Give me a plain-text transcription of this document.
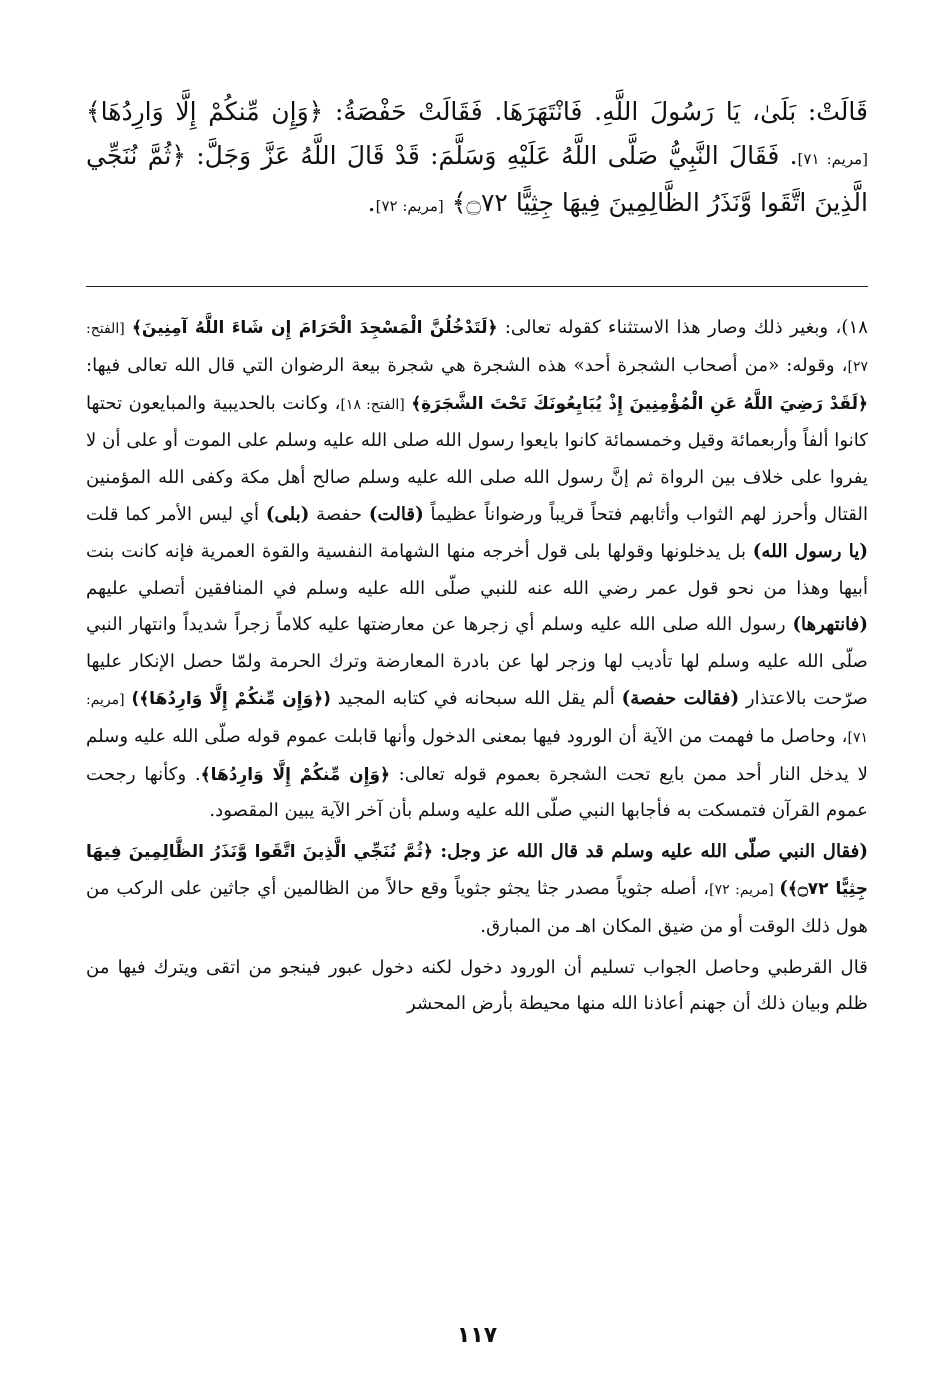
قَالَتْ: بَلَىٰ، يَا رَسُولَ اللَّهِ. فَانْتَهَرَهَا. فَقَالَتْ حَفْصَةُ: ﴿وَإِن مِّنكُمْ إِلَّا وَارِدُهَا﴾ [مريم: ٧١]. فَقَالَ النَّبِيُّ صَلَّى اللَّهُ عَلَيْهِ وَسَلَّمَ: قَدْ قَالَ اللَّهُ عَزَّ وَجَلَّ: ﴿ثُمَّ نُنَجِّي الَّذِينَ اتَّقَوا وَّنَذَرُ الظَّالِمِينَ فِيهَا جِثِيًّا ۝٧٢﴾ [مريم: ٧٢].

١٨)، وبغير ذلك وصار هذا الاستثناء كقوله تعالى: ﴿لَتَدْخُلُنَّ الْمَسْجِدَ الْحَرَامَ إِن شَاءَ اللَّهُ آمِنِينَ﴾ [الفتح: ٢٧]، وقوله: «من أصحاب الشجرة أحد» هذه الشجرة هي شجرة بيعة الرضوان التي قال الله تعالى فيها: ﴿لَقَدْ رَضِيَ اللَّهُ عَنِ الْمُؤْمِنِينَ إِذْ يُبَايِعُونَكَ تَحْتَ الشَّجَرَةِ﴾ [الفتح: ١٨]، وكانت بالحديبية والمبايعون تحتها كانوا ألفاً وأربعمائة وقيل وخمسمائة كانوا بايعوا رسول الله صلى الله عليه وسلم على الموت أو على أن لا يفروا على خلاف بين الرواة ثم إنَّ رسول الله صلى الله عليه وسلم صالح أهل مكة وكفى الله المؤمنين القتال وأحرز لهم الثواب وأثابهم فتحاً قريباً ورضواناً عظيماً (قالت) حفصة (بلى) أي ليس الأمر كما قلت (يا رسول الله) بل يدخلونها وقولها بلى قول أخرجه منها الشهامة النفسية والقوة العمرية فإنه كانت بنت أبيها وهذا من نحو قول عمر رضي الله عنه للنبي صلّى الله عليه وسلم في المنافقين أتصلي عليهم (فانتهرها) رسول الله صلى الله عليه وسلم أي زجرها عن معارضتها عليه كلاماً زجراً شديداً وانتهار النبي صلّى الله عليه وسلم لها تأديب لها وزجر لها عن بادرة المعارضة وترك الحرمة ولمّا حصل الإنكار عليها صرّحت بالاعتذار (فقالت حفصة) ألم يقل الله سبحانه في كتابه المجيد (﴿وَإِن مِّنكُمْ إِلَّا وَارِدُهَا﴾) [مريم: ٧١]، وحاصل ما فهمت من الآية أن الورود فيها بمعنى الدخول وأنها قابلت عموم قوله صلّى الله عليه وسلم لا يدخل النار أحد ممن بايع تحت الشجرة بعموم قوله تعالى: ﴿وَإِن مِّنكُمْ إِلَّا وَارِدُهَا﴾. وكأنها رجحت عموم القرآن فتمسكت به فأجابها النبي صلّى الله عليه وسلم بأن آخر الآية يبين المقصود.

(فقال النبي صلّى الله عليه وسلم قد قال الله عز وجل: ﴿ثُمَّ نُنَجِّي الَّذِينَ اتَّقَوا وَّنَذَرُ الظَّالِمِينَ فِيهَا جِثِيًّا ۝٧٢﴾) [مريم: ٧٢]، أصله جثوياً مصدر جثا يجثو جثوياً وقع حالاً من الظالمين أي جاثين على الركب من هول ذلك الوقت أو من ضيق المكان اهـ من المبارق.

قال القرطبي وحاصل الجواب تسليم أن الورود دخول لكنه دخول عبور فينجو من اتقى ويترك فيها من ظلم وبيان ذلك أن جهنم أعاذنا الله منها محيطة بأرض المحشر

١١٧
